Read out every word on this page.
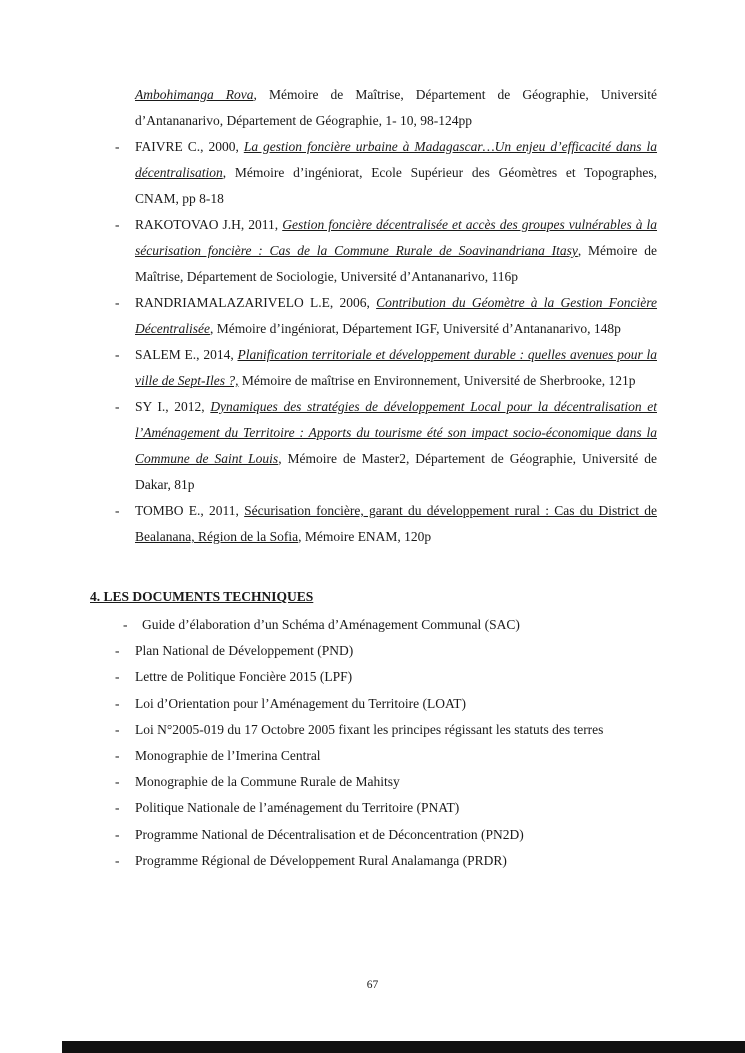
Ambohimanga Rova, Mémoire de Maîtrise, Département de Géographie, Université d’Antananarivo, Département de Géographie, 1- 10, 98-124pp
- FAIVRE C., 2000, La gestion foncière urbaine à Madagascar…Un enjeu d’efficacité dans la décentralisation, Mémoire d’ingéniorat, Ecole Supérieur des Géomètres et Topographes, CNAM, pp 8-18
- RAKOTOVAO J.H, 2011, Gestion foncière décentralisée et accès des groupes vulnérables à la sécurisation foncière : Cas de la Commune Rurale de Soavinandriana Itasy, Mémoire de Maîtrise, Département de Sociologie, Université d’Antananarivo, 116p
- RANDRIAMALAZARIVELO L.E, 2006, Contribution du Géomètre à la Gestion Foncière Décentralisée, Mémoire d’ingéniorat, Département IGF, Université d’Antananarivo, 148p
- SALEM E., 2014, Planification territoriale et développement durable : quelles avenues pour la ville de Sept-Iles ?, Mémoire de maîtrise en Environnement, Université de Sherbrooke, 121p
- SY I., 2012, Dynamiques des stratégies de développement Local pour la décentralisation et l’Aménagement du Territoire : Apports du tourisme été son impact socio-économique dans la Commune de Saint Louis, Mémoire de Master2, Département de Géographie, Université de Dakar, 81p
- TOMBO E., 2011, Sécurisation foncière, garant du développement rural : Cas du District de Bealanana, Région de la Sofia, Mémoire ENAM, 120p
4. LES DOCUMENTS TECHNIQUES
- Guide d’élaboration d’un Schéma d’Aménagement Communal (SAC)
- Plan National de Développement (PND)
- Lettre de Politique Foncière 2015 (LPF)
- Loi d’Orientation pour l’Aménagement du Territoire (LOAT)
- Loi N°2005-019 du 17 Octobre 2005 fixant les principes régissant les statuts des terres
- Monographie de l’Imerina Central
- Monographie de la Commune Rurale de Mahitsy
- Politique Nationale de l’aménagement du Territoire (PNAT)
- Programme National de Décentralisation et de Déconcentration (PN2D)
- Programme Régional de Développement Rural Analamanga (PRDR)
67
